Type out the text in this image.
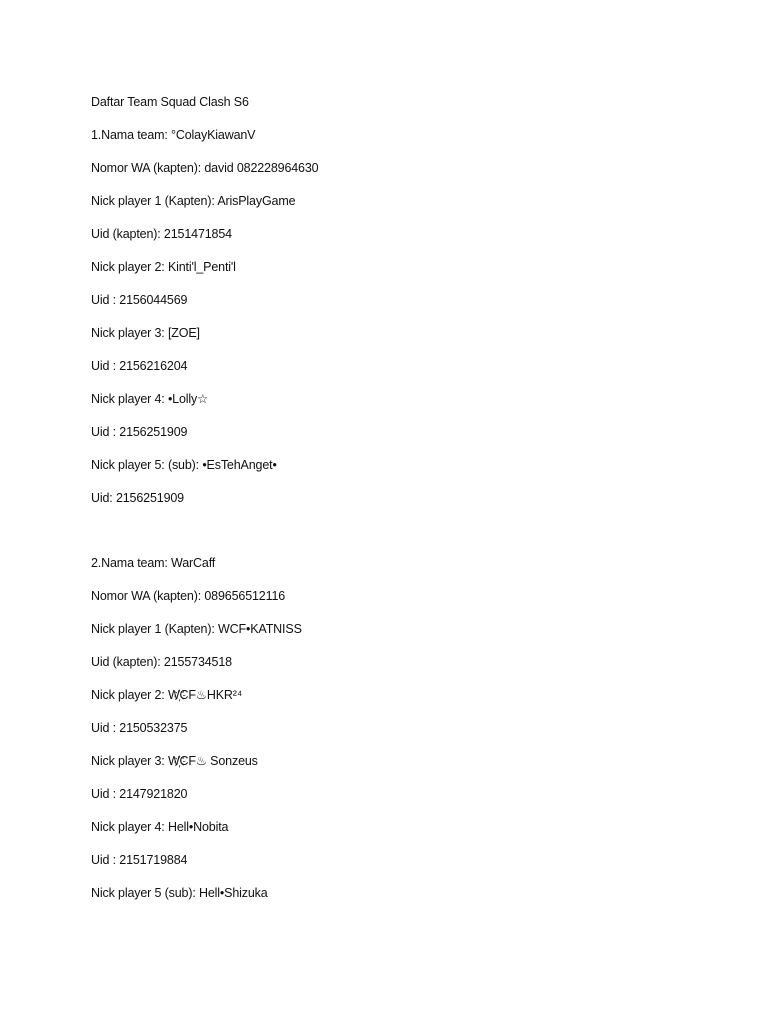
Daftar Team Squad Clash S6
1.Nama team: °ColayKiawanV
Nomor WA (kapten): david 082228964630
Nick player 1 (Kapten): ArisPlayGame
Uid (kapten): 2151471854
Nick player 2: Kinti'l_Penti'l
Uid : 2156044569
Nick player 3: [ZOE]
Uid : 2156216204
Nick player 4: •Lolly☆
Uid : 2156251909
Nick player 5: (sub): •EsTehAnget•
Uid: 2156251909
2.Nama team: WarCaff
Nomor WA (kapten): 089656512116
Nick player 1 (Kapten): WCF•KATNISS
Uid (kapten): 2155734518
Nick player 2: W҉CF♨HKR²⁴
Uid : 2150532375
Nick player 3: W҉CF♨ Sonzeus
Uid : 2147921820
Nick player 4: Hell•Nobita
Uid : 2151719884
Nick player 5 (sub): Hell•Shizuka
